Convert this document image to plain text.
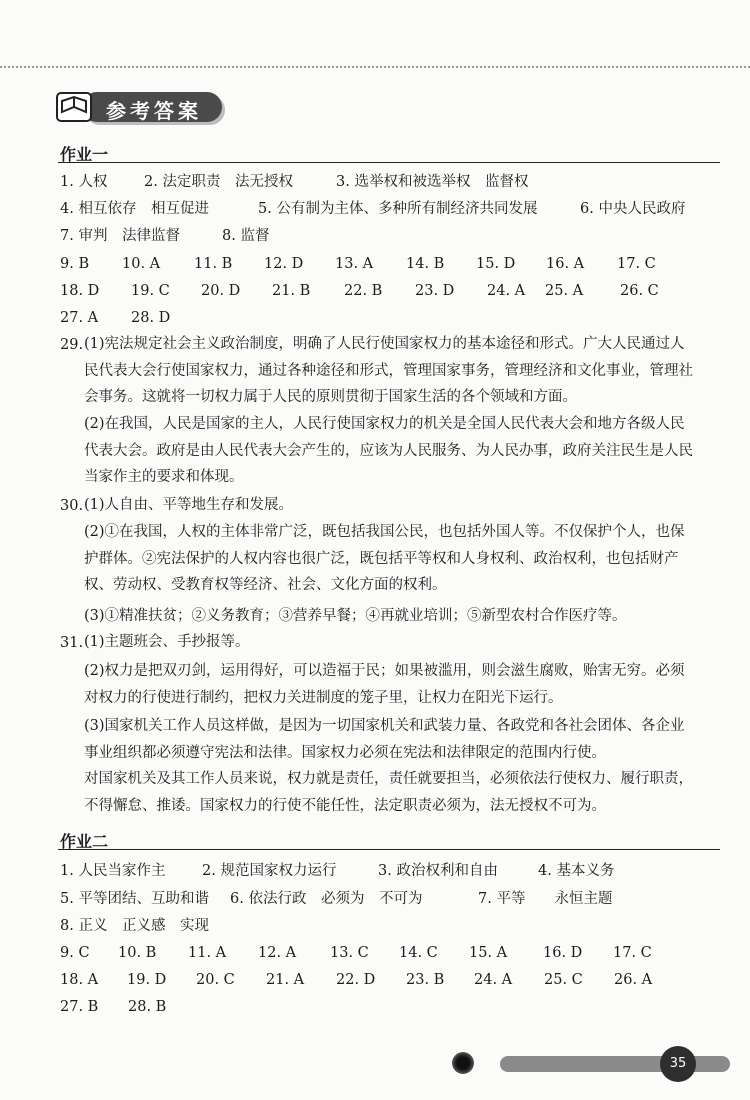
参考答案
作业一
1. 人权	2. 法定职责　法无授权	3. 选举权和被选举权　监督权
4. 相互依存　相互促进	5. 公有制为主体、多种所有制经济共同发展	6. 中央人民政府
7. 审判　法律监督	8. 监督
9. B 10. A 11. B 12. D 13. A 14. B 15. D 16. A 17. C
18. D 19. C 20. D 21. B 22. B 23. D 24. A 25. A	26. C
27. A 28. D
29. (1)宪法规定社会主义政治制度，明确了人民行使国家权力的基本途径和形式。广大人民通过人民代表大会行使国家权力，通过各种途径和形式，管理国家事务，管理经济和文化事业，管理社会事务。这就将一切权力属于人民的原则贯彻于国家生活的各个领域和方面。
(2)在我国，人民是国家的主人，人民行使国家权力的机关是全国人民代表大会和地方各级人民代表大会。政府是由人民代表大会产生的，应该为人民服务、为人民办事，政府关注民生是人民当家作主的要求和体现。
30. (1)人自由、平等地生存和发展。
(2)①在我国，人权的主体非常广泛，既包括我国公民，也包括外国人等。不仅保护个人，也保护群体。②宪法保护的人权内容也很广泛，既包括平等权和人身权利、政治权利，也包括财产权、劳动权、受教育权等经济、社会、文化方面的权利。
(3)①精准扶贫；②义务教育；③营养早餐；④再就业培训；⑤新型农村合作医疗等。
31. (1)主题班会、手抄报等。
(2)权力是把双刃剑，运用得好，可以造福于民；如果被滥用，则会滋生腐败，贻害无穷。必须对权力的行使进行制约，把权力关进制度的笼子里，让权力在阳光下运行。
(3)国家机关工作人员这样做，是因为一切国家机关和武装力量、各政党和各社会团体、各企业事业组织都必须遵守宪法和法律。国家权力必须在宪法和法律限定的范围内行使。
对国家机关及其工作人员来说，权力就是责任，责任就要担当，必须依法行使权力、履行职责，不得懈怠、推诿。国家权力的行使不能任性，法定职责必须为，法无授权不可为。
作业二
1. 人民当家作主	2. 规范国家权力运行	3. 政治权利和自由	4. 基本义务
5. 平等团结、互助和谐 6. 依法行政　必须为　不可为	7. 平等　　永恒主题
8. 正义　正义感　实现
9. C 10. B 11. A 12. A 13. C 14. C 15. A 16. D 17. C
18. A 19. D 20. C 21. A 22. D 23. B 24. A 25. C 26. A
27. B 28. B
35
